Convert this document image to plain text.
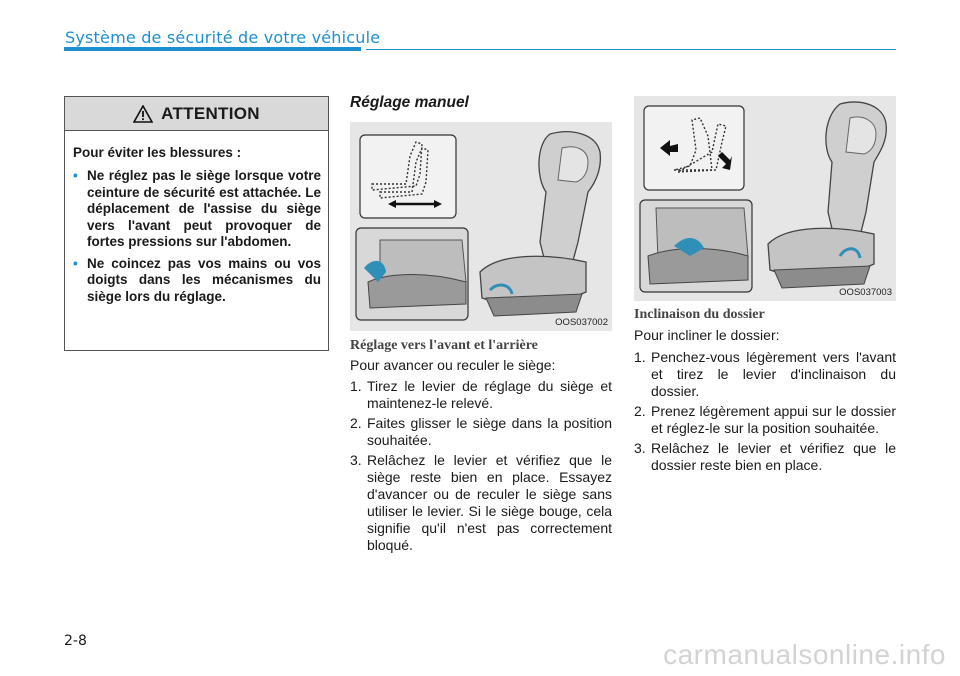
Système de sécurité de votre véhicule
ATTENTION
Pour éviter les blessures :
• Ne réglez pas le siège lorsque votre ceinture de sécurité est attachée. Le déplacement de l'assise du siège vers l'avant peut provoquer de fortes pressions sur l'abdomen.
• Ne coincez pas vos mains ou vos doigts dans les mécanismes du siège lors du réglage.
Réglage manuel
OOS037002
OOS037003
Réglage vers l'avant et l'arrière
Pour avancer ou reculer le siège:
1. Tirez le levier de réglage du siège et maintenez-le relevé.
2. Faites glisser le siège dans la position souhaitée.
3. Relâchez le levier et vérifiez que le siège reste bien en place. Essayez d'avancer ou de reculer le siège sans utiliser le levier. Si le siège bouge, cela signifie qu'il n'est pas correctement bloqué.
Inclinaison du dossier
Pour incliner le dossier:
1. Penchez-vous légèrement vers l'avant et tirez le levier d'inclinaison du dossier.
2. Prenez légèrement appui sur le dossier et réglez-le sur la position souhaitée.
3. Relâchez le levier et vérifiez que le dossier reste bien en place.
2-8	carmanualsonline.info
